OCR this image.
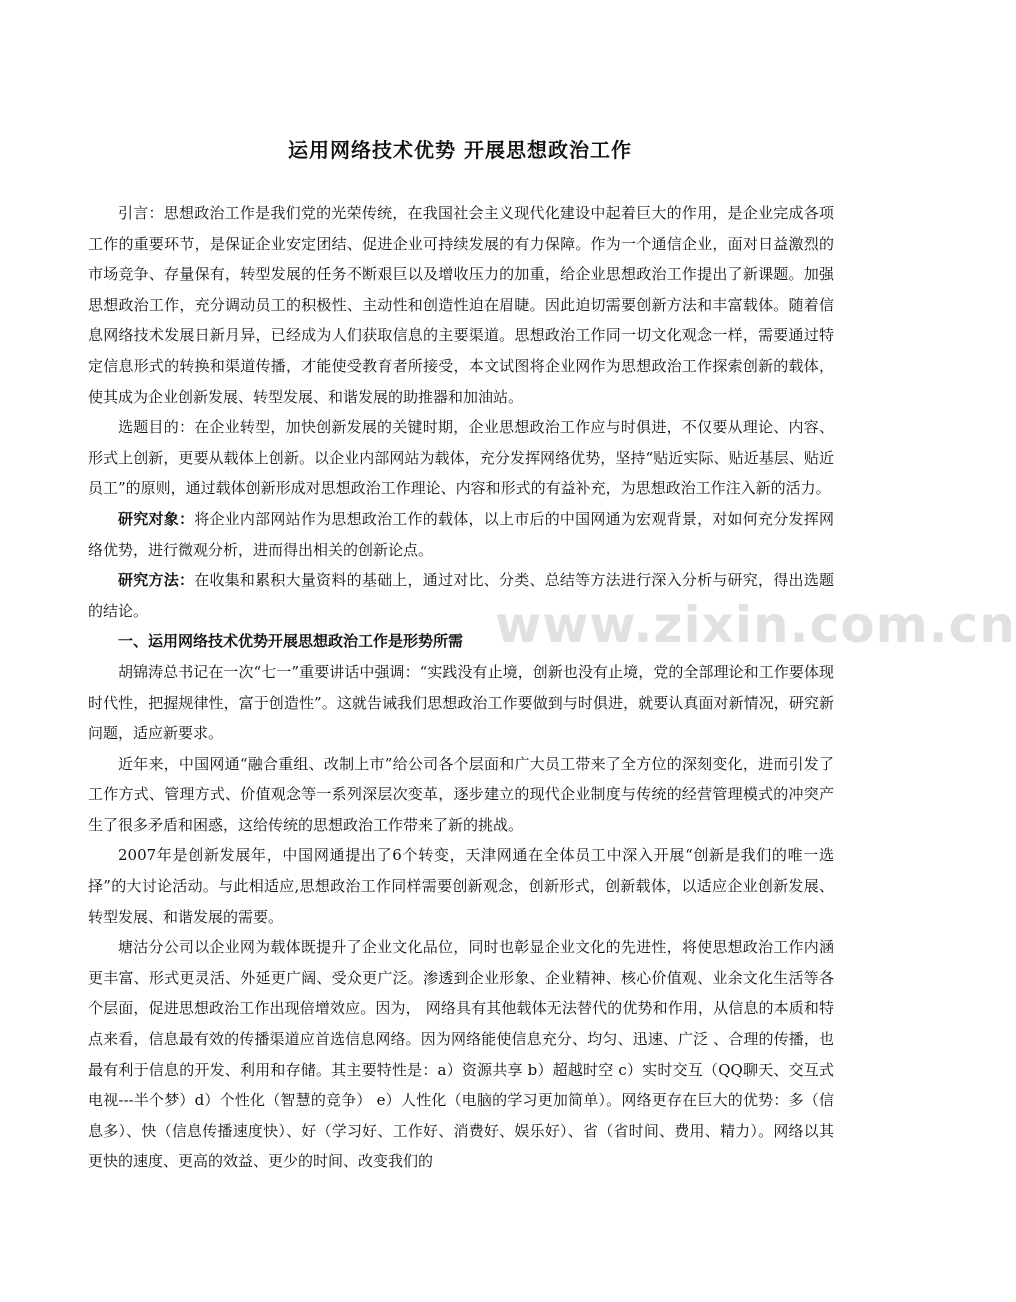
运用网络技术优势 开展思想政治工作

引言：思想政治工作是我们党的光荣传统，在我国社会主义现代化建设中起着巨大的作用，是企业完成各项工作的重要环节，是保证企业安定团结、促进企业可持续发展的有力保障。作为一个通信企业，面对日益激烈的市场竞争、存量保有，转型发展的任务不断艰巨以及增收压力的加重，给企业思想政治工作提出了新课题。加强思想政治工作，充分调动员工的积极性、主动性和创造性迫在眉睫。因此迫切需要创新方法和丰富载体。随着信息网络技术发展日新月异，已经成为人们获取信息的主要渠道。思想政治工作同一切文化观念一样，需要通过特定信息形式的转换和渠道传播，才能使受教育者所接受，本文试图将企业网作为思想政治工作探索创新的载体，使其成为企业创新发展、转型发展、和谐发展的助推器和加油站。

选题目的：在企业转型，加快创新发展的关键时期，企业思想政治工作应与时俱进，不仅要从理论、内容、形式上创新，更要从载体上创新。以企业内部网站为载体，充分发挥网络优势，坚持“贴近实际、贴近基层、贴近员工”的原则，通过载体创新形成对思想政治工作理论、内容和形式的有益补充，为思想政治工作注入新的活力。

研究对象：将企业内部网站作为思想政治工作的载体，以上市后的中国网通为宏观背景，对如何充分发挥网络优势，进行微观分析，进而得出相关的创新论点。

研究方法：在收集和累积大量资料的基础上，通过对比、分类、总结等方法进行深入分析与研究，得出选题的结论。

一、运用网络技术优势开展思想政治工作是形势所需

胡锦涛总书记在一次“七一”重要讲话中强调：“实践没有止境，创新也没有止境，党的全部理论和工作要体现时代性，把握规律性，富于创造性”。这就告诫我们思想政治工作要做到与时俱进，就要认真面对新情况，研究新问题，适应新要求。

近年来，中国网通“融合重组、改制上市”给公司各个层面和广大员工带来了全方位的深刻变化，进而引发了工作方式、管理方式、价值观念等一系列深层次变革，逐步建立的现代企业制度与传统的经营管理模式的冲突产生了很多矛盾和困惑，这给传统的思想政治工作带来了新的挑战。

2007年是创新发展年，中国网通提出了6个转变，天津网通在全体员工中深入开展“创新是我们的唯一选择”的大讨论活动。与此相适应,思想政治工作同样需要创新观念，创新形式，创新载体，以适应企业创新发展、转型发展、和谐发展的需要。

塘沽分公司以企业网为载体既提升了企业文化品位，同时也彰显企业文化的先进性，将使思想政治工作内涵更丰富、形式更灵活、外延更广阔、受众更广泛。渗透到企业形象、企业精神、核心价值观、业余文化生活等各个层面，促进思想政治工作出现倍增效应。因为， 网络具有其他载体无法替代的优势和作用，从信息的本质和特点来看，信息最有效的传播渠道应首选信息网络。因为网络能使信息充分、均匀、迅速、广泛 、合理的传播，也最有利于信息的开发、利用和存储。其主要特性是：a）资源共享 b）超越时空 c）实时交互（QQ聊天、交互式电视---半个梦）d）个性化（智慧的竞争） e）人性化（电脑的学习更加简单）。网络更存在巨大的优势：多（信息多）、快（信息传播速度快）、好（学习好、工作好、消费好、娱乐好）、省（省时间、费用、精力）。网络以其更快的速度、更高的效益、更少的时间、改变我们的

www.zixin.com.cn
